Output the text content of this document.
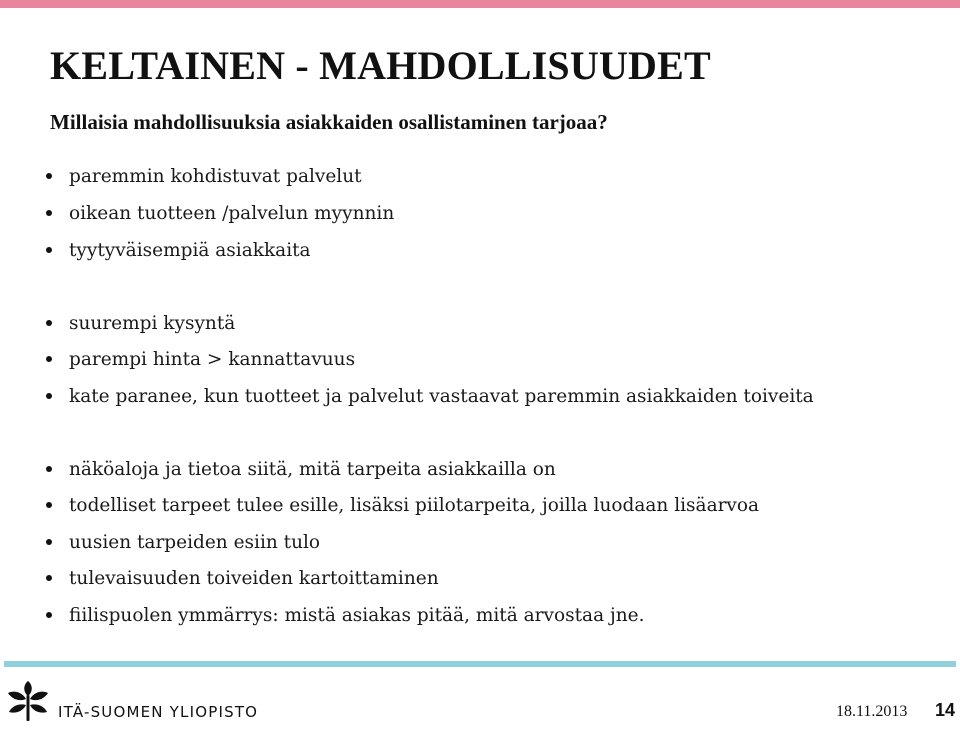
KELTAINEN - MAHDOLLISUUDET
Millaisia mahdollisuuksia asiakkaiden osallistaminen tarjoaa?
paremmin kohdistuvat palvelut
oikean tuotteen /palvelun myynnin
tyytyväisempiä asiakkaita
suurempi kysyntä
parempi hinta > kannattavuus
kate paranee, kun tuotteet ja palvelut vastaavat paremmin asiakkaiden toiveita
näköaloja ja tietoa siitä, mitä tarpeita asiakkailla on
todelliset tarpeet tulee esille, lisäksi piilotarpeita, joilla luodaan lisäarvoa
uusien tarpeiden esiin tulo
tulevaisuuden toiveiden kartoittaminen
fiilispuolen ymmärrys: mistä asiakas pitää, mitä arvostaa jne.
ITÄ-SUOMEN YLIOPISTO	18.11.2013 14
